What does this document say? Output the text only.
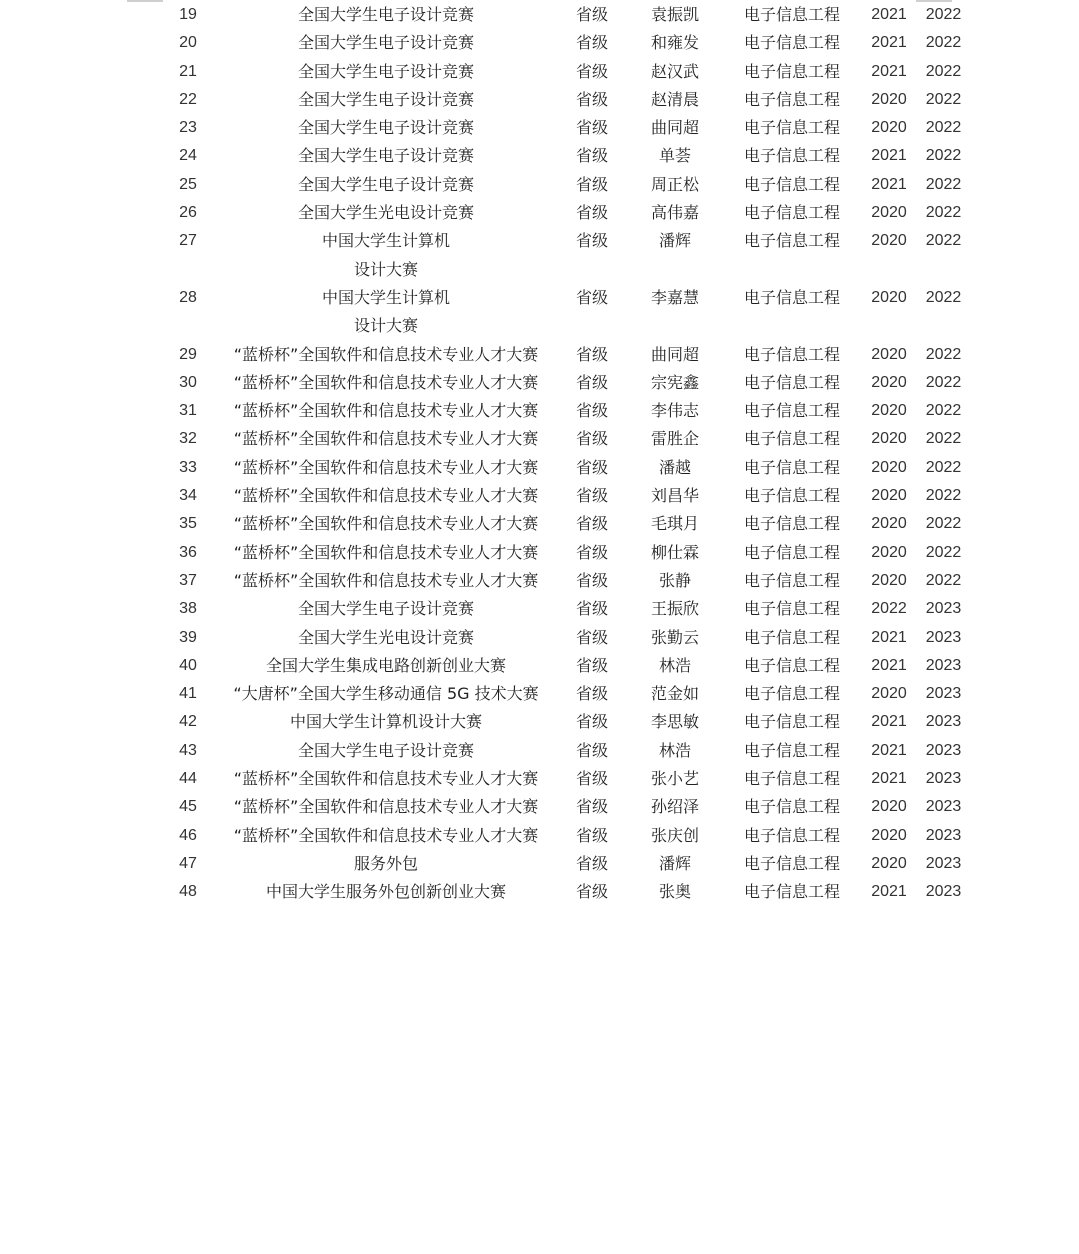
19	全国大学生电子设计竞赛	省级	袁振凯	电子信息工程	2021	2022
20	全国大学生电子设计竞赛	省级	和雍发	电子信息工程	2021	2022
21	全国大学生电子设计竞赛	省级	赵汉武	电子信息工程	2021	2022
22	全国大学生电子设计竞赛	省级	赵清晨	电子信息工程	2020	2022
23	全国大学生电子设计竞赛	省级	曲同超	电子信息工程	2020	2022
24	全国大学生电子设计竞赛	省级	单荟	电子信息工程	2021	2022
25	全国大学生电子设计竞赛	省级	周正松	电子信息工程	2021	2022
26	全国大学生光电设计竞赛	省级	高伟嘉	电子信息工程	2020	2022
27	中国大学生计算机设计大赛	省级	潘辉	电子信息工程	2020	2022
28	中国大学生计算机设计大赛	省级	李嘉慧	电子信息工程	2020	2022
29	“蓝桥杯”全国软件和信息技术专业人才大赛	省级	曲同超	电子信息工程	2020	2022
30	“蓝桥杯”全国软件和信息技术专业人才大赛	省级	宗宪鑫	电子信息工程	2020	2022
31	“蓝桥杯”全国软件和信息技术专业人才大赛	省级	李伟志	电子信息工程	2020	2022
32	“蓝桥杯”全国软件和信息技术专业人才大赛	省级	雷胜企	电子信息工程	2020	2022
33	“蓝桥杯”全国软件和信息技术专业人才大赛	省级	潘越	电子信息工程	2020	2022
34	“蓝桥杯”全国软件和信息技术专业人才大赛	省级	刘昌华	电子信息工程	2020	2022
35	“蓝桥杯”全国软件和信息技术专业人才大赛	省级	毛琪月	电子信息工程	2020	2022
36	“蓝桥杯”全国软件和信息技术专业人才大赛	省级	柳仕霖	电子信息工程	2020	2022
37	“蓝桥杯”全国软件和信息技术专业人才大赛	省级	张静	电子信息工程	2020	2022
38	全国大学生电子设计竞赛	省级	王振欣	电子信息工程	2022	2023
39	全国大学生光电设计竞赛	省级	张勤云	电子信息工程	2021	2023
40	全国大学生集成电路创新创业大赛	省级	林浩	电子信息工程	2021	2023
41	“大唐杯”全国大学生移动通信 5G 技术大赛	省级	范金如	电子信息工程	2020	2023
42	中国大学生计算机设计大赛	省级	李思敏	电子信息工程	2021	2023
43	全国大学生电子设计竞赛	省级	林浩	电子信息工程	2021	2023
44	“蓝桥杯”全国软件和信息技术专业人才大赛	省级	张小艺	电子信息工程	2021	2023
45	“蓝桥杯”全国软件和信息技术专业人才大赛	省级	孙绍泽	电子信息工程	2020	2023
46	“蓝桥杯”全国软件和信息技术专业人才大赛	省级	张庆创	电子信息工程	2020	2023
47	服务外包	省级	潘辉	电子信息工程	2020	2023
48	中国大学生服务外包创新创业大赛	省级	张奥	电子信息工程	2021	2023
